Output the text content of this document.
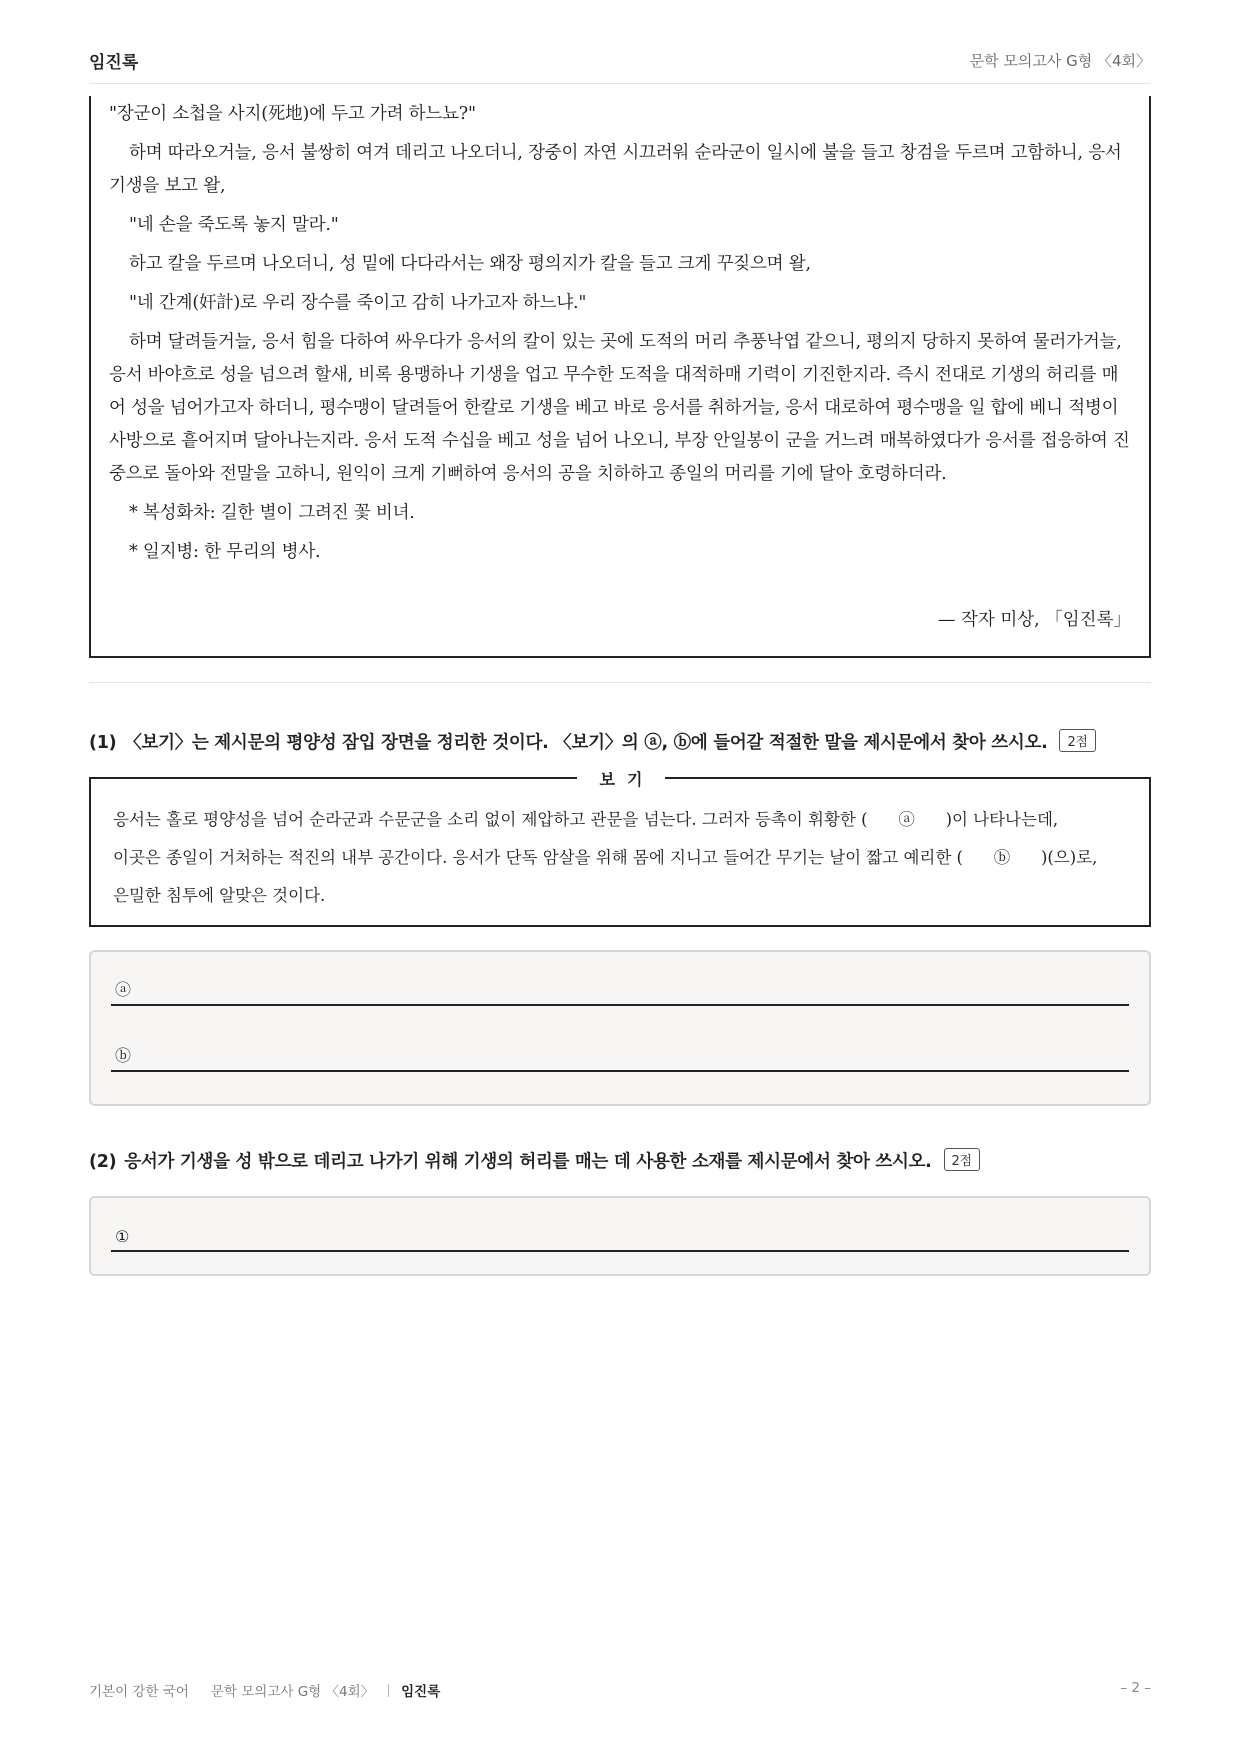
임진록	문학 모의고사 G형 〈4회〉
"장군이 소첩을 사지(死地)에 두고 가려 하느뇨?"
하며 따라오거늘, 응서 불쌍히 여겨 데리고 나오더니, 장중이 자연 시끄러워 순라군이 일시에 불을 들고 창검을 두르며 고함하니, 응서 기생을 보고 왈,
"네 손을 죽도록 놓지 말라."
하고 칼을 두르며 나오더니, 성 밑에 다다라서는 왜장 평의지가 칼을 들고 크게 꾸짖으며 왈,
"네 간계(奸計)로 우리 장수를 죽이고 감히 나가고자 하느냐."
하며 달려들거늘, 응서 힘을 다하여 싸우다가 응서의 칼이 있는 곳에 도적의 머리 추풍낙엽 같으니, 평의지 당하지 못하여 물러가거늘, 응서 바야흐로 성을 넘으려 할새, 비록 용맹하나 기생을 업고 무수한 도적을 대적하매 기력이 기진한지라. 즉시 전대로 기생의 허리를 매어 성을 넘어가고자 하더니, 평수맹이 달려들어 한칼로 기생을 베고 바로 응서를 취하거늘, 응서 대로하여 평수맹을 일 합에 베니 적병이 사방으로 흩어지며 달아나는지라. 응서 도적 수십을 베고 성을 넘어 나오니, 부장 안일봉이 군을 거느려 매복하였다가 응서를 접응하여 진중으로 돌아와 전말을 고하니, 원익이 크게 기뻐하여 응서의 공을 치하하고 종일의 머리를 기에 달아 호령하더라.
* 복성화차: 길한 별이 그려진 꽃 비녀.
* 일지병: 한 무리의 병사.
— 작자 미상, 「임진록」
(1) 〈보기〉는 제시문의 평양성 잠입 장면을 정리한 것이다. 〈보기〉의 ⓐ, ⓑ에 들어갈 적절한 말을 제시문에서 찾아 쓰시오. 2점
보기
응서는 홀로 평양성을 넘어 순라군과 수문군을 소리 없이 제압하고 관문을 넘는다. 그러자 등촉이 휘황한 ( ⓐ )이 나타나는데,
이곳은 종일이 거처하는 적진의 내부 공간이다. 응서가 단독 암살을 위해 몸에 지니고 들어간 무기는 날이 짧고 예리한 ( ⓑ )(으)로,
은밀한 침투에 알맞은 것이다.
ⓐ
ⓑ
(2) 응서가 기생을 성 밖으로 데리고 나가기 위해 기생의 허리를 매는 데 사용한 소재를 제시문에서 찾아 쓰시오. 2점
①
기본이 강한 국어 문학 모의고사 G형 〈4회〉 임진록	– 2 –
